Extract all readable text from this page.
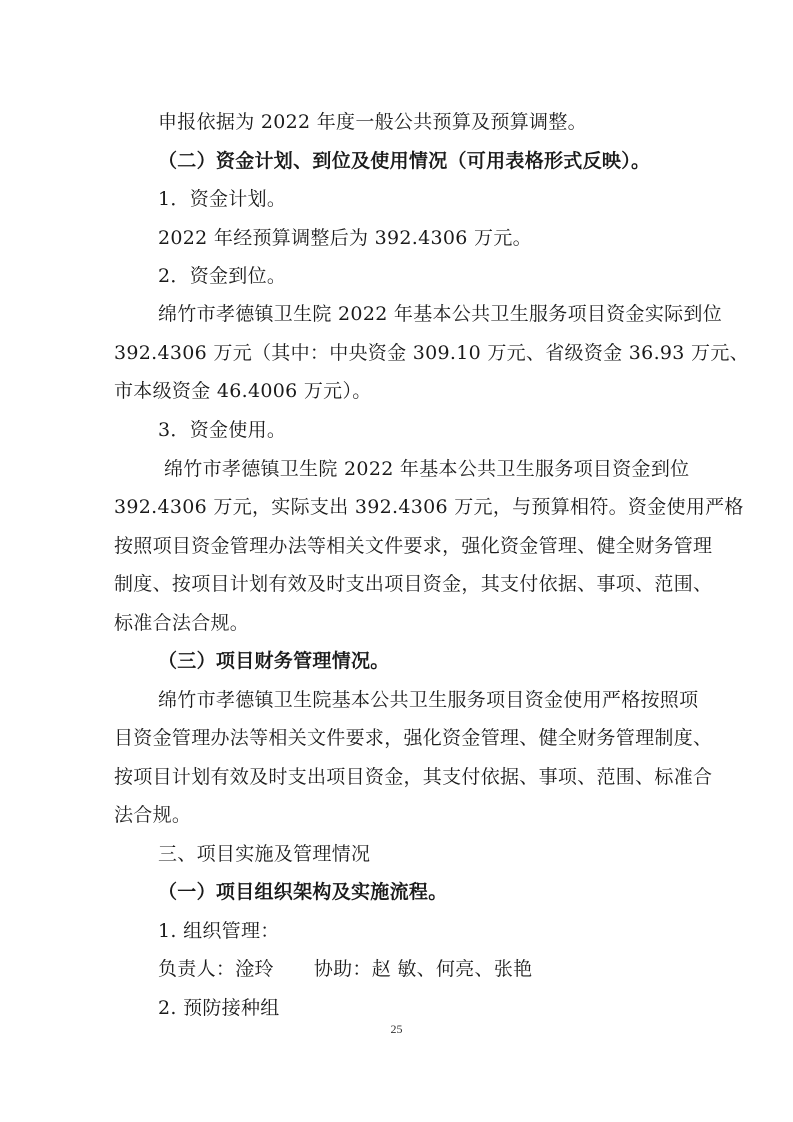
申报依据为 2022 年度一般公共预算及预算调整。
（二）资金计划、到位及使用情况（可用表格形式反映）。
1．资金计划。
2022 年经预算调整后为 392.4306 万元。
2．资金到位。
绵竹市孝德镇卫生院 2022 年基本公共卫生服务项目资金实际到位
392.4306 万元（其中：中央资金 309.10 万元、省级资金 36.93 万元、
市本级资金 46.4006 万元）。
3．资金使用。
绵竹市孝德镇卫生院 2022 年基本公共卫生服务项目资金到位
392.4306 万元，实际支出 392.4306 万元，与预算相符。资金使用严格
按照项目资金管理办法等相关文件要求，强化资金管理、健全财务管理
制度、按项目计划有效及时支出项目资金，其支付依据、事项、范围、
标准合法合规。
（三）项目财务管理情况。
绵竹市孝德镇卫生院基本公共卫生服务项目资金使用严格按照项
目资金管理办法等相关文件要求，强化资金管理、健全财务管理制度、
按项目计划有效及时支出项目资金，其支付依据、事项、范围、标准合
法合规。
三、项目实施及管理情况
（一）项目组织架构及实施流程。
1. 组织管理：
负责人：淦玲 协助：赵 敏、何亮、张艳
2. 预防接种组
25
